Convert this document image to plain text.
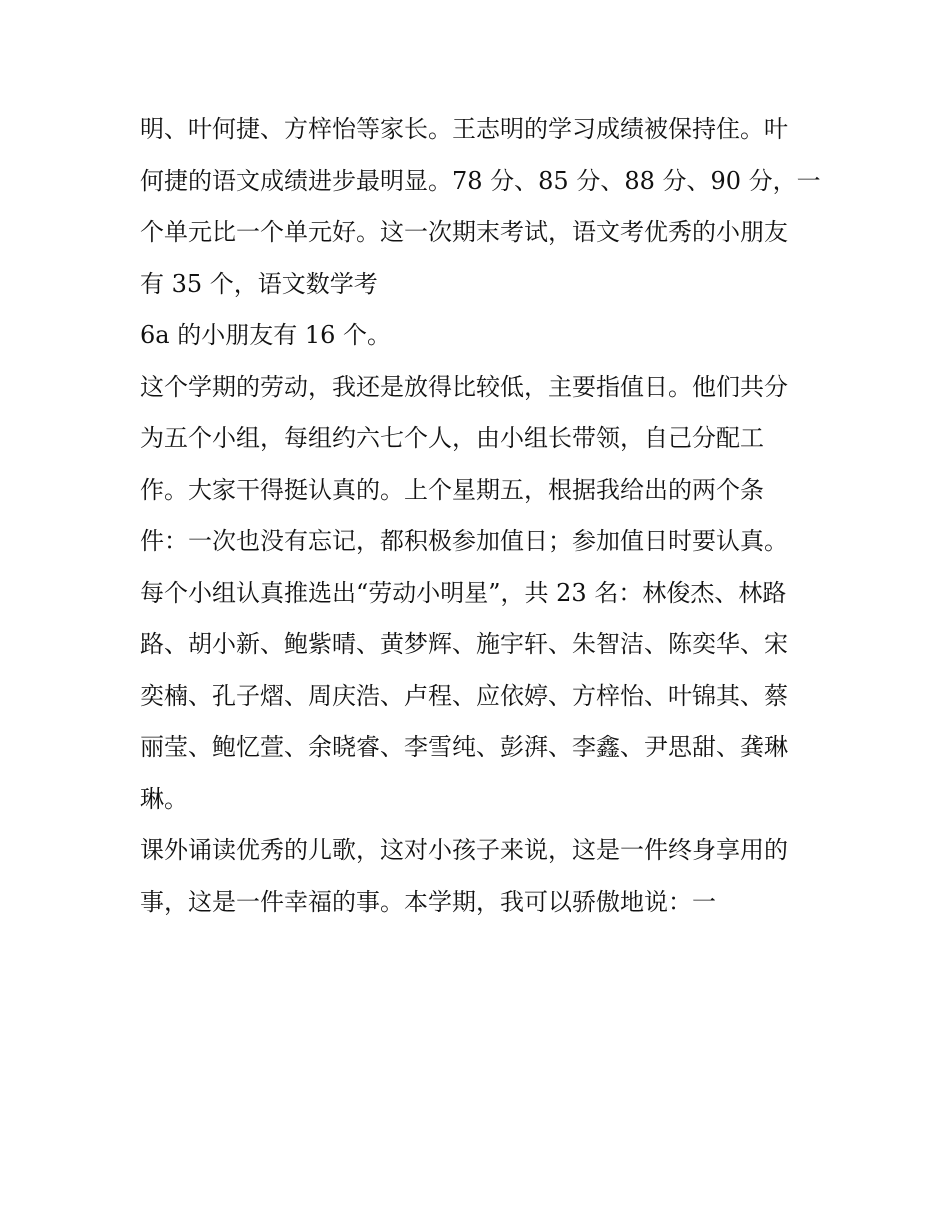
明、叶何捷、方梓怡等家长。王志明的学习成绩被保持住。叶
何捷的语文成绩进步最明显。78 分、85 分、88 分、90 分，一
个单元比一个单元好。这一次期末考试，语文考优秀的小朋友
有 35 个，语文数学考
6a 的小朋友有 16 个。
这个学期的劳动，我还是放得比较低，主要指值日。他们共分
为五个小组，每组约六七个人，由小组长带领，自己分配工
作。大家干得挺认真的。上个星期五，根据我给出的两个条
件：一次也没有忘记，都积极参加值日；参加值日时要认真。
每个小组认真推选出“劳动小明星”，共 23 名：林俊杰、林路
路、胡小新、鲍紫晴、黄梦辉、施宇轩、朱智洁、陈奕华、宋
奕楠、孔子熠、周庆浩、卢程、应依婷、方梓怡、叶锦其、蔡
丽莹、鲍忆萱、余晓睿、李雪纯、彭湃、李鑫、尹思甜、龚琳
琳。
课外诵读优秀的儿歌，这对小孩子来说，这是一件终身享用的
事，这是一件幸福的事。本学期，我可以骄傲地说：一
